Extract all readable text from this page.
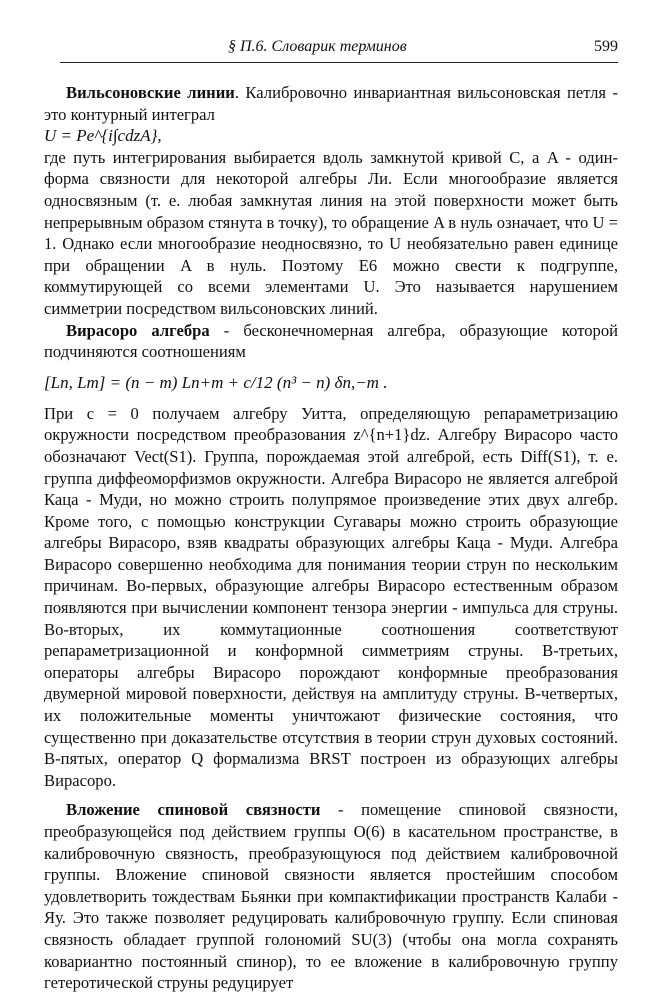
§ П.6. Словарик терминов	599

Вильсоновские линии. Калибровочно инвариантная вильсоновская петля - это контурный интеграл

U = Pe^{i∫cdzA},

где путь интегрирования выбирается вдоль замкнутой кривой C, а A - один-форма связности для некоторой алгебры Ли. Если многообразие является односвязным (т. е. любая замкнутая линия на этой поверхности может быть непрерывным образом стянута в точку), то обращение A в нуль означает, что U = 1. Однако если многообразие неодносвязно, то U необязательно равен единице при обращении A в нуль. Поэтому E6 можно свести к подгруппе, коммутирующей со всеми элементами U. Это называется нарушением симметрии посредством вильсоновских линий.

Вирасоро алгебра - бесконечномерная алгебра, образующие которой подчиняются соотношениям

[Ln, Lm] = (n − m) Ln+m + c/12 (n³ − n) δn,−m .

При c = 0 получаем алгебру Уитта, определяющую репараметризацию окружности посредством преобразования z^{n+1}dz. Алгебру Вирасоро часто обозначают Vect(S1). Группа, порождаемая этой алгеброй, есть Diff(S1), т. е. группа диффеоморфизмов окружности. Алгебра Вирасоро не является алгеброй Каца - Муди, но можно строить полупрямое произведение этих двух алгебр. Кроме того, с помощью конструкции Сугавары можно строить образующие алгебры Вирасоро, взяв квадраты образующих алгебры Каца - Муди. Алгебра Вирасоро совершенно необходима для понимания теории струн по нескольким причинам. Во-первых, образующие алгебры Вирасоро естественным образом появляются при вычислении компонент тензора энергии - импульса для струны. Во-вторых, их коммутационные соотношения соответствуют репараметризационной и конформной симметриям струны. В-третьих, операторы алгебры Вирасоро порождают конформные преобразования двумерной мировой поверхности, действуя на амплитуду струны. В-четвертых, их положительные моменты уничтожают физические состояния, что существенно при доказательстве отсутствия в теории струн духовых состояний. В-пятых, оператор Q формализма BRST построен из образующих алгебры Вирасоро.

Вложение спиновой связности - помещение спиновой связности, преобразующейся под действием группы O(6) в касательном пространстве, в калибровочную связность, преобразующуюся под действием калибровочной группы. Вложение спиновой связности является простейшим способом удовлетворить тождествам Бьянки при компактификации пространств Калаби - Яу. Это также позволяет редуцировать калибровочную группу. Если спиновая связность обладает группой голономий SU(3) (чтобы она могла сохранять ковариантно постоянный спинор), то ее вложение в калибровочную группу гетеротической струны редуцирует
